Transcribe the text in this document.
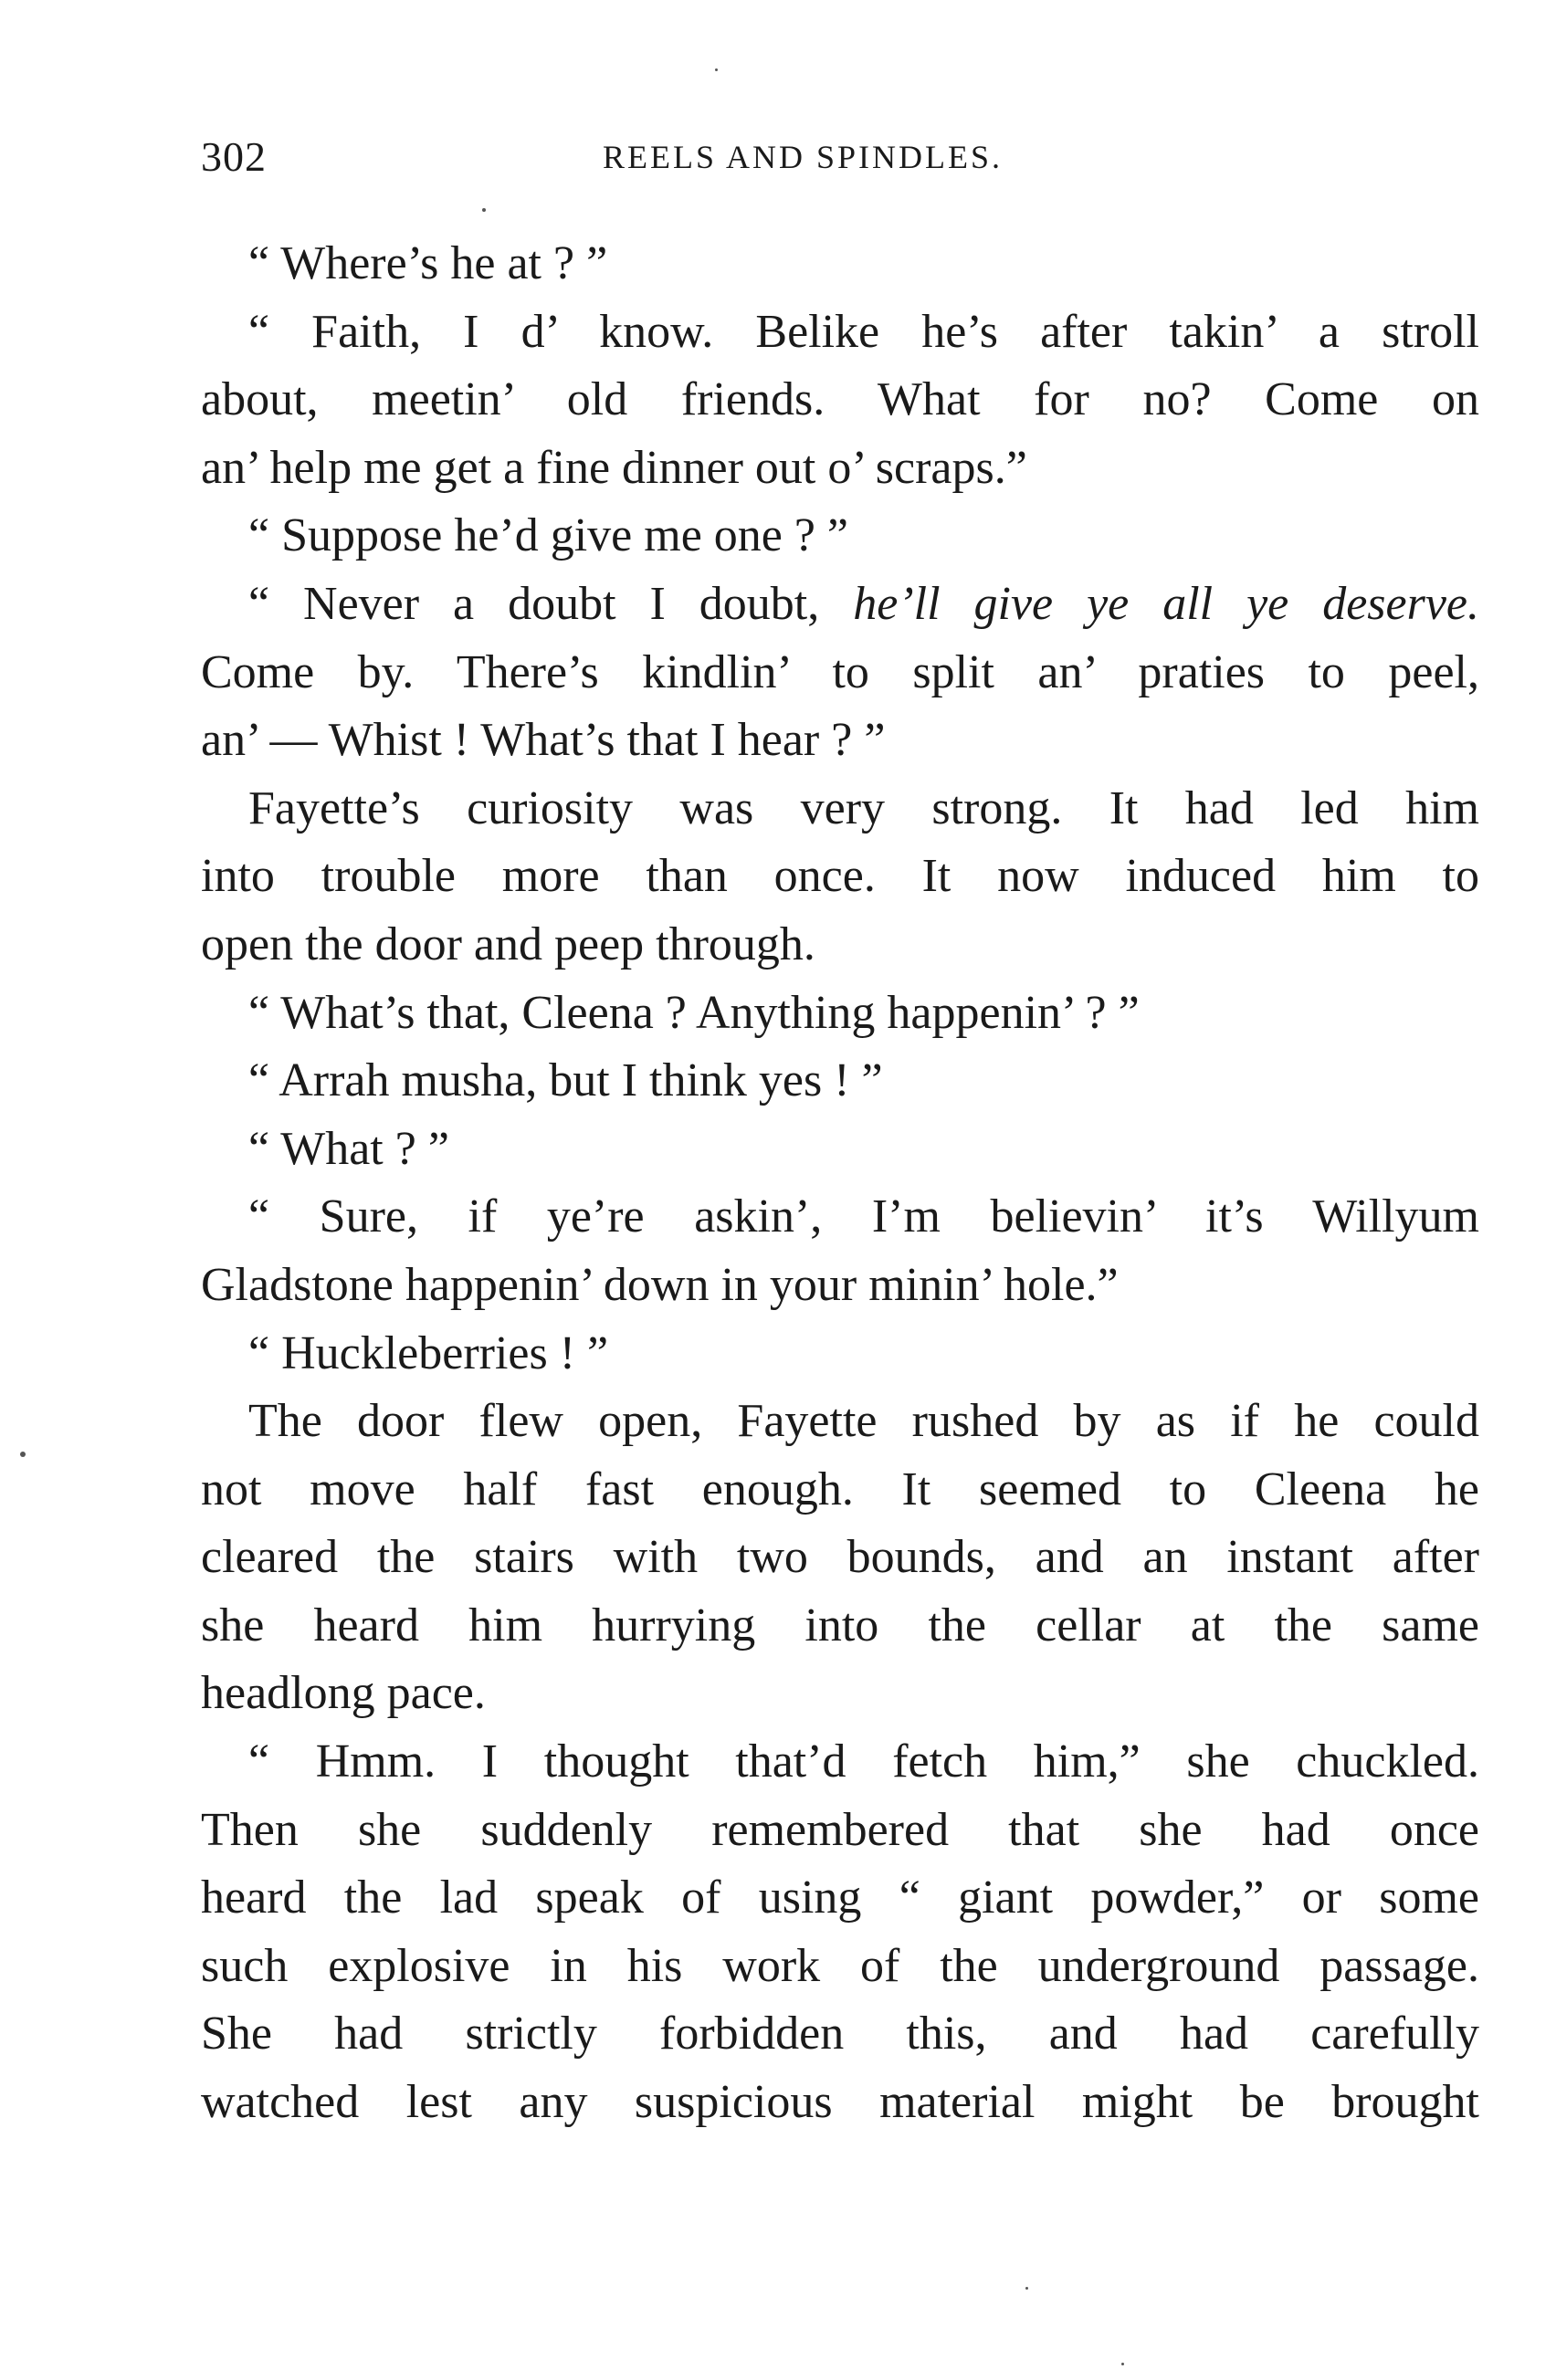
302	REELS AND SPINDLES.
“ Where’s he at ? ”
“ Faith, I d’ know. Belike he’s after takin’ a stroll
about, meetin’ old friends. What for no? Come on
an’ help me get a fine dinner out o’ scraps.”
“ Suppose he’d give me one ? ”
“ Never a doubt I doubt, he’ll give ye all ye deserve.
Come by. There’s kindlin’ to split an’ praties to peel,
an’ — Whist ! What’s that I hear ? ”
Fayette’s curiosity was very strong. It had led him
into trouble more than once. It now induced him to
open the door and peep through.
“ What’s that, Cleena ? Anything happenin’ ? ”
“ Arrah musha, but I think yes ! ”
“ What ? ”
“ Sure, if ye’re askin’, I’m believin’ it’s Willyum
Gladstone happenin’ down in your minin’ hole.”
“ Huckleberries ! ”
The door flew open, Fayette rushed by as if he could
not move half fast enough. It seemed to Cleena he
cleared the stairs with two bounds, and an instant after
she heard him hurrying into the cellar at the same
headlong pace.
“ Hmm. I thought that’d fetch him,” she chuckled.
Then she suddenly remembered that she had once
heard the lad speak of using “ giant powder,” or some
such explosive in his work of the underground passage.
She had strictly forbidden this, and had carefully
watched lest any suspicious material might be brought
